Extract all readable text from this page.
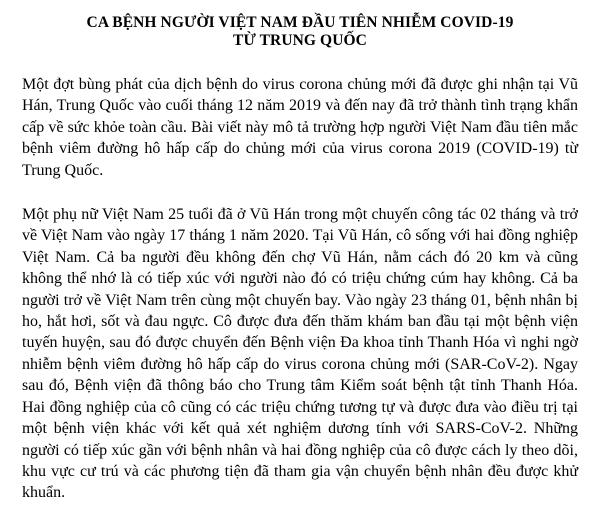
CA BỆNH NGƯỜI VIỆT NAM ĐẦU TIÊN NHIỄM COVID-19
TỪ TRUNG QUỐC

Một đợt bùng phát của dịch bệnh do virus corona chủng mới đã được ghi nhận tại Vũ Hán, Trung Quốc vào cuối tháng 12 năm 2019 và đến nay đã trở thành tình trạng khẩn cấp về sức khỏe toàn cầu. Bài viết này mô tả trường hợp người Việt Nam đầu tiên mắc bệnh viêm đường hô hấp cấp do chủng mới của virus corona 2019 (COVID-19) từ Trung Quốc.

Một phụ nữ Việt Nam 25 tuổi đã ở Vũ Hán trong một chuyến công tác 02 tháng và trở về Việt Nam vào ngày 17 tháng 1 năm 2020. Tại Vũ Hán, cô sống với hai đồng nghiệp Việt Nam. Cả ba người đều không đến chợ Vũ Hán, nằm cách đó 20 km và cũng không thể nhớ là có tiếp xúc với người nào đó có triệu chứng cúm hay không. Cả ba người trở về Việt Nam trên cùng một chuyến bay. Vào ngày 23 tháng 01, bệnh nhân bị ho, hắt hơi, sốt và đau ngực. Cô được đưa đến thăm khám ban đầu tại một bệnh viện tuyến huyện, sau đó được chuyển đến Bệnh viện Đa khoa tỉnh Thanh Hóa vì nghi ngờ nhiễm bệnh viêm đường hô hấp cấp do virus corona chủng mới (SAR-CoV-2). Ngay sau đó, Bệnh viện đã thông báo cho Trung tâm Kiểm soát bệnh tật tỉnh Thanh Hóa. Hai đồng nghiệp của cô cũng có các triệu chứng tương tự và được đưa vào điều trị tại một bệnh viện khác với kết quả xét nghiệm dương tính với SARS-CoV-2. Những người có tiếp xúc gần với bệnh nhân và hai đồng nghiệp của cô được cách ly theo dõi, khu vực cư trú và các phương tiện đã tham gia vận chuyển bệnh nhân đều được khử khuẩn.
